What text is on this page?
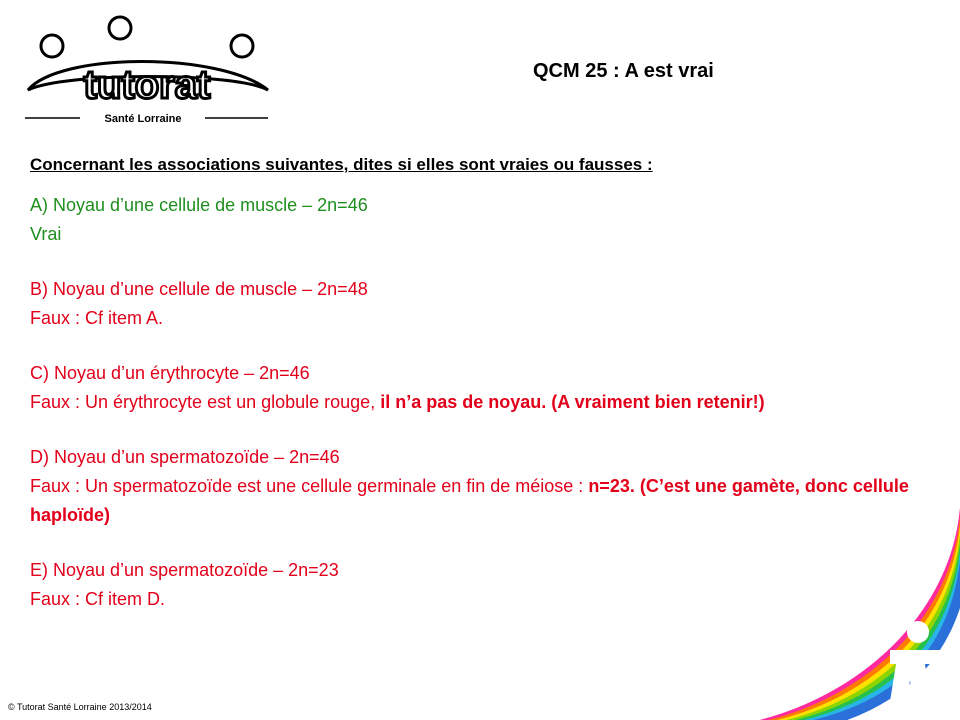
tutorat
Santé Lorraine
QCM 25 : A est vrai

Concernant les associations suivantes, dites si elles sont vraies ou fausses :

A) Noyau d’une cellule de muscle – 2n=46

Vrai

B) Noyau d’une cellule de muscle – 2n=48

Faux : Cf item A.

C) Noyau d’un érythrocyte – 2n=46

Faux : Un érythrocyte est un globule rouge, il n’a pas de noyau. (A vraiment bien retenir!)

D) Noyau d’un spermatozoïde – 2n=46

Faux : Un spermatozoïde est une cellule germinale en fin de méiose : n=23. (C’est une gamète, donc cellule haploïde)

E) Noyau d’un spermatozoïde – 2n=23

Faux : Cf item D.

© Tutorat Santé Lorraine 2013/2014
